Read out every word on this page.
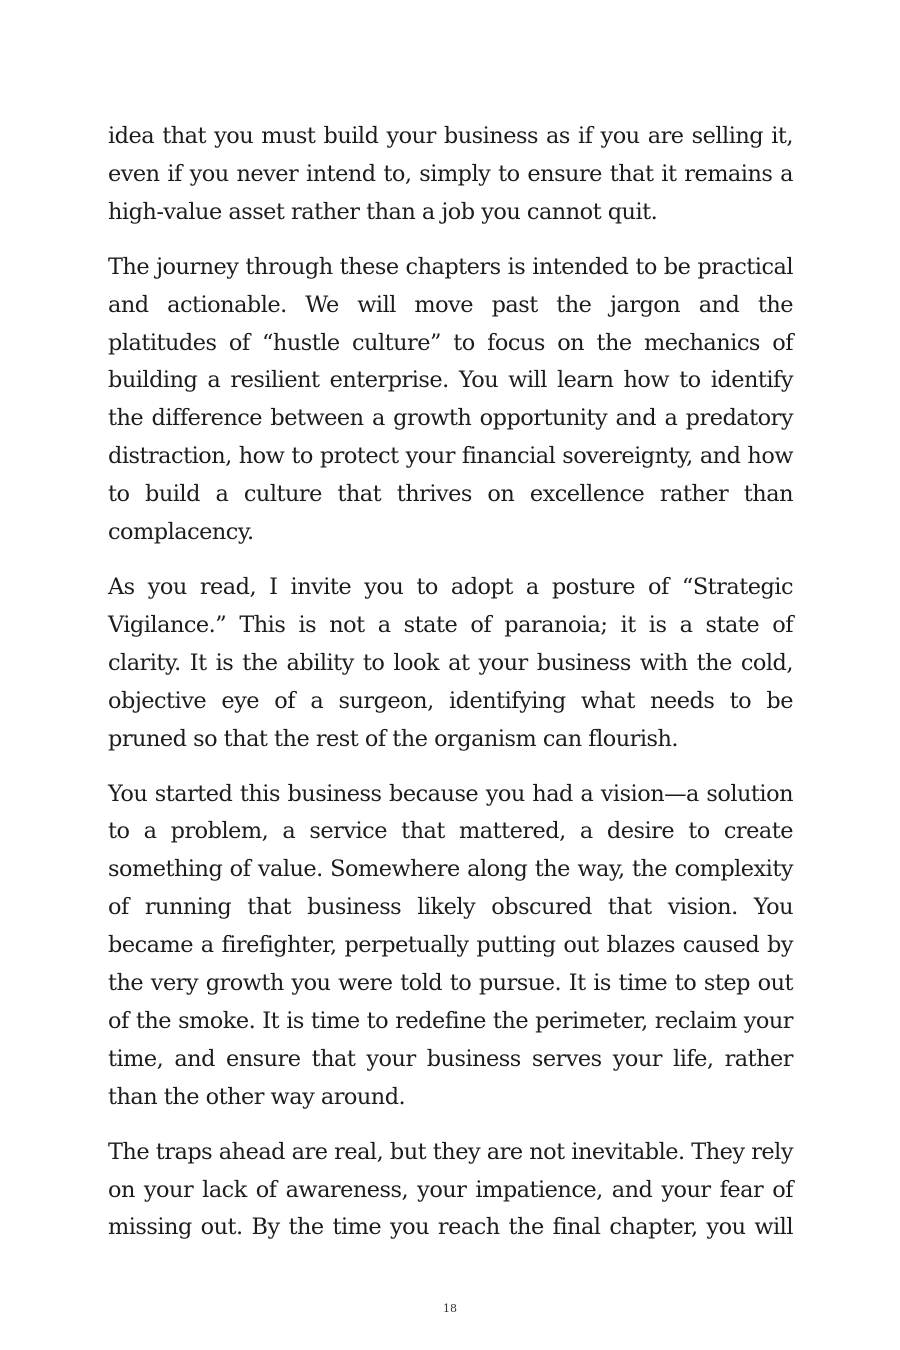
idea that you must build your business as if you are selling it, even if you never intend to, simply to ensure that it remains a high-value asset rather than a job you cannot quit.

The journey through these chapters is intended to be practical and actionable. We will move past the jargon and the platitudes of “hustle culture” to focus on the mechanics of building a resilient enterprise. You will learn how to identify the difference between a growth opportunity and a predatory distraction, how to protect your financial sovereignty, and how to build a culture that thrives on excellence rather than complacency.

As you read, I invite you to adopt a posture of “Strategic Vigilance.” This is not a state of paranoia; it is a state of clarity. It is the ability to look at your business with the cold, objective eye of a surgeon, identifying what needs to be pruned so that the rest of the organism can flourish.

You started this business because you had a vision—a solution to a problem, a service that mattered, a desire to create something of value. Somewhere along the way, the complexity of running that business likely obscured that vision. You became a firefighter, perpetually putting out blazes caused by the very growth you were told to pursue. It is time to step out of the smoke. It is time to redefine the perimeter, reclaim your time, and ensure that your business serves your life, rather than the other way around.

The traps ahead are real, but they are not inevitable. They rely on your lack of awareness, your impatience, and your fear of missing out. By the time you reach the final chapter, you will

18
